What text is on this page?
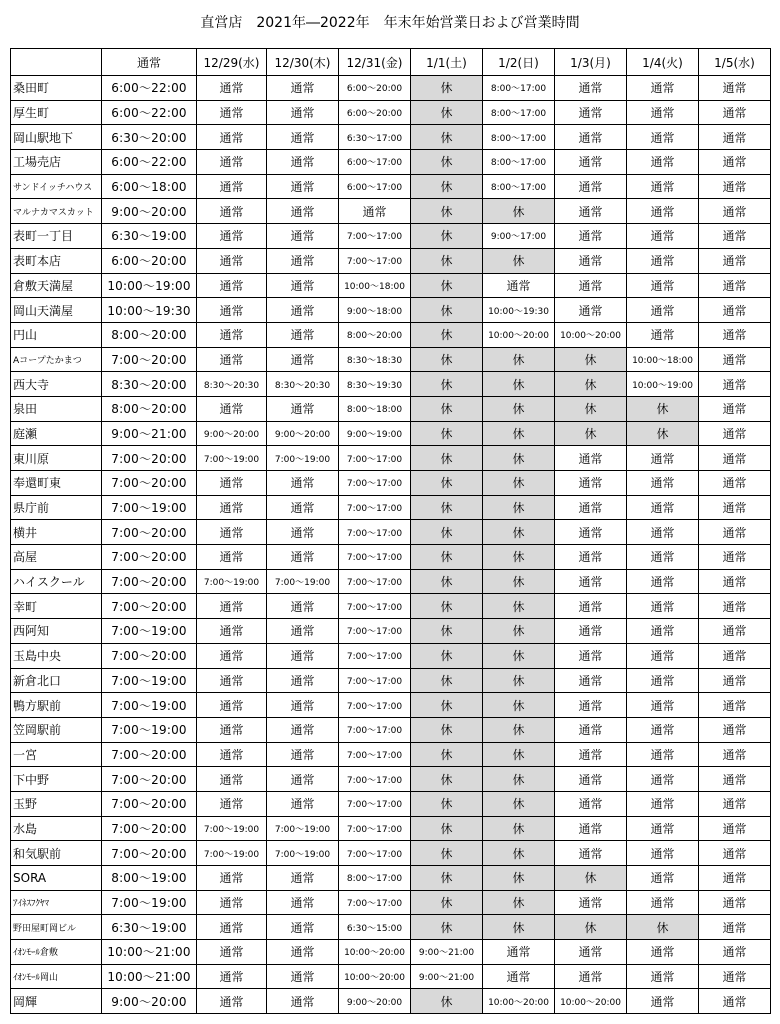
直営店　2021年―2022年　年末年始営業日および営業時間
	通常	12/29(水)	12/30(木)	12/31(金)	1/1(土)	1/2(日)	1/3(月)	1/4(火)	1/5(水)
桑田町	6:00～22:00	通常	通常	6:00～20:00	休	8:00～17:00	通常	通常	通常
厚生町	6:00～22:00	通常	通常	6:00～20:00	休	8:00～17:00	通常	通常	通常
岡山駅地下	6:30～20:00	通常	通常	6:30～17:00	休	8:00～17:00	通常	通常	通常
工場売店	6:00～22:00	通常	通常	6:00～17:00	休	8:00～17:00	通常	通常	通常
サンドイッチハウス	6:00～18:00	通常	通常	6:00～17:00	休	8:00～17:00	通常	通常	通常
マルナカマスカット	9:00～20:00	通常	通常	通常	休	休	通常	通常	通常
表町一丁目	6:30～19:00	通常	通常	7:00～17:00	休	9:00～17:00	通常	通常	通常
表町本店	6:00～20:00	通常	通常	7:00～17:00	休	休	通常	通常	通常
倉敷天満屋	10:00～19:00	通常	通常	10:00～18:00	休	通常	通常	通常	通常
岡山天満屋	10:00～19:30	通常	通常	9:00～18:00	休	10:00～19:30	通常	通常	通常
円山	8:00～20:00	通常	通常	8:00～20:00	休	10:00～20:00	10:00～20:00	通常	通常
Aコープたかまつ	7:00～20:00	通常	通常	8:30～18:30	休	休	休	10:00～18:00	通常
西大寺	8:30～20:00	8:30～20:30	8:30～20:30	8:30～19:30	休	休	休	10:00～19:00	通常
泉田	8:00～20:00	通常	通常	8:00～18:00	休	休	休	休	通常
庭瀬	9:00～21:00	9:00～20:00	9:00～20:00	9:00～19:00	休	休	休	休	通常
東川原	7:00～20:00	7:00～19:00	7:00～19:00	7:00～17:00	休	休	通常	通常	通常
奉還町東	7:00～20:00	通常	通常	7:00～17:00	休	休	通常	通常	通常
県庁前	7:00～19:00	通常	通常	7:00～17:00	休	休	通常	通常	通常
横井	7:00～20:00	通常	通常	7:00～17:00	休	休	通常	通常	通常
高屋	7:00～20:00	通常	通常	7:00～17:00	休	休	通常	通常	通常
ハイスクール	7:00～20:00	7:00～19:00	7:00～19:00	7:00～17:00	休	休	通常	通常	通常
幸町	7:00～20:00	通常	通常	7:00～17:00	休	休	通常	通常	通常
西阿知	7:00～19:00	通常	通常	7:00～17:00	休	休	通常	通常	通常
玉島中央	7:00～20:00	通常	通常	7:00～17:00	休	休	通常	通常	通常
新倉北口	7:00～19:00	通常	通常	7:00～17:00	休	休	通常	通常	通常
鴨方駅前	7:00～19:00	通常	通常	7:00～17:00	休	休	通常	通常	通常
笠岡駅前	7:00～19:00	通常	通常	7:00～17:00	休	休	通常	通常	通常
一宮	7:00～20:00	通常	通常	7:00～17:00	休	休	通常	通常	通常
下中野	7:00～20:00	通常	通常	7:00～17:00	休	休	通常	通常	通常
玉野	7:00～20:00	通常	通常	7:00～17:00	休	休	通常	通常	通常
水島	7:00～20:00	7:00～19:00	7:00～19:00	7:00～17:00	休	休	通常	通常	通常
和気駅前	7:00～20:00	7:00～19:00	7:00～19:00	7:00～17:00	休	休	通常	通常	通常
SORA	8:00～19:00	通常	通常	8:00～17:00	休	休	休	通常	通常
ｱｲﾈｽﾌｸﾔﾏ	7:00～19:00	通常	通常	7:00～17:00	休	休	通常	通常	通常
野田屋町岡ビル	6:30～19:00	通常	通常	6:30～15:00	休	休	休	休	通常
ｲｵﾝﾓｰﾙ倉敷	10:00～21:00	通常	通常	10:00～20:00	9:00～21:00	通常	通常	通常	通常
ｲｵﾝﾓｰﾙ岡山	10:00～21:00	通常	通常	10:00～20:00	9:00～21:00	通常	通常	通常	通常
岡輝	9:00～20:00	通常	通常	9:00～20:00	休	10:00～20:00	10:00～20:00	通常	通常
